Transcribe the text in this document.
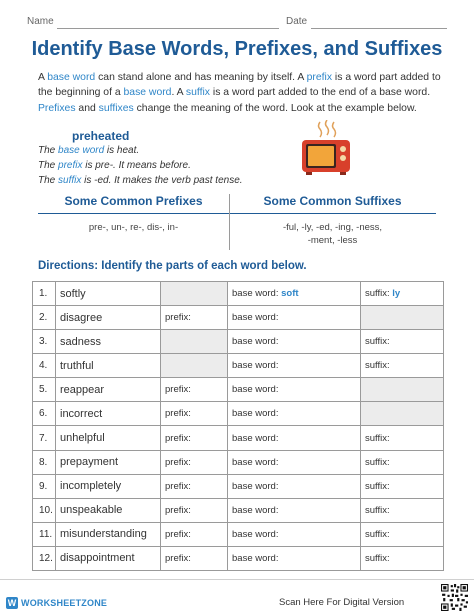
Name	Date
Identify Base Words, Prefixes, and Suffixes
A base word can stand alone and has meaning by itself. A prefix is a word part added to the beginning of a base word. A suffix is a word part added to the end of a base word. Prefixes and suffixes change the meaning of the word. Look at the example below.
preheated
The base word is heat.
The prefix is pre-. It means before.
The suffix is -ed. It makes the verb past tense.
Some Common Prefixes	Some Common Suffixes
pre-, un-, re-, dis-, in-	-ful, -ly, -ed, -ing, -ness,
-ment, -less
Directions: Identify the parts of each word below.
1.	softly		base word: soft	suffix: ly
2.	disagree	prefix:	base word:	
3.	sadness		base word:	suffix:
4.	truthful		base word:	suffix:
5.	reappear	prefix:	base word:	
6.	incorrect	prefix:	base word:	
7.	unhelpful	prefix:	base word:	suffix:
8.	prepayment	prefix:	base word:	suffix:
9.	incompletely	prefix:	base word:	suffix:
10.	unspeakable	prefix:	base word:	suffix:
11.	misunderstanding	prefix:	base word:	suffix:
12.	disappointment	prefix:	base word:	suffix:
W WORKSHEETZONE	Scan Here For Digital Version
